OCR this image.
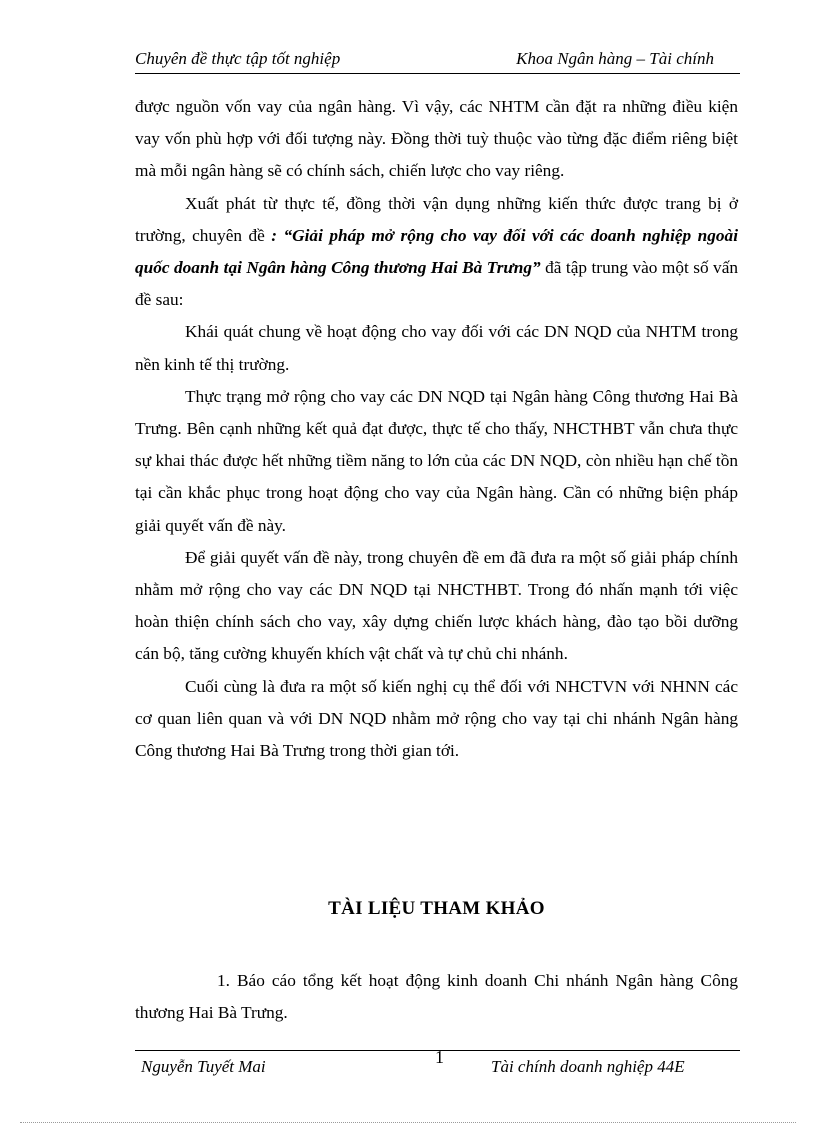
Chuyên đề thực tập tốt nghiệp	Khoa Ngân hàng – Tài chính

được nguồn vốn vay của ngân hàng. Vì vậy, các NHTM cần đặt ra những điều kiện vay vốn phù hợp với đối tượng này. Đồng thời tuỳ thuộc vào từng đặc điểm riêng biệt mà mỗi ngân hàng sẽ có chính sách, chiến lược cho vay riêng.

Xuất phát từ thực tế, đồng thời vận dụng những kiến thức được trang bị ở trường, chuyên đề : “Giải pháp mở rộng cho vay đối với các doanh nghiệp ngoài quốc doanh tại Ngân hàng Công thương Hai Bà Trưng” đã tập trung vào một số vấn đề sau:

Khái quát chung về hoạt động cho vay đối với các DN NQD của NHTM trong nền kinh tế thị trường.

Thực trạng mở rộng cho vay các DN NQD tại Ngân hàng Công thương Hai Bà Trưng. Bên cạnh những kết quả đạt được, thực tế cho thấy, NHCTHBT vẫn chưa thực sự khai thác được hết những tiềm năng to lớn của các DN NQD, còn nhiều hạn chế tồn tại cần khắc phục trong hoạt động cho vay của Ngân hàng. Cần có những biện pháp giải quyết vấn đề này.

Để giải quyết vấn đề này, trong chuyên đề em đã đưa ra một số giải pháp chính nhằm mở rộng cho vay các DN NQD tại NHCTHBT. Trong đó nhấn mạnh tới việc hoàn thiện chính sách cho vay, xây dựng chiến lược khách hàng, đào tạo bồi dưỡng cán bộ, tăng cường khuyến khích vật chất và tự chủ chi nhánh.

Cuối cùng là đưa ra một số kiến nghị cụ thể đối với NHCTVN với NHNN các cơ quan liên quan và với DN NQD nhằm mở rộng cho vay tại chi nhánh Ngân hàng Công thương Hai Bà Trưng trong thời gian tới.

TÀI LIỆU THAM KHẢO

1. Báo cáo tổng kết hoạt động kinh doanh Chi nhánh Ngân hàng Công thương Hai Bà Trưng.

Nguyễn Tuyết Mai	1	Tài chính doanh nghiệp 44E
